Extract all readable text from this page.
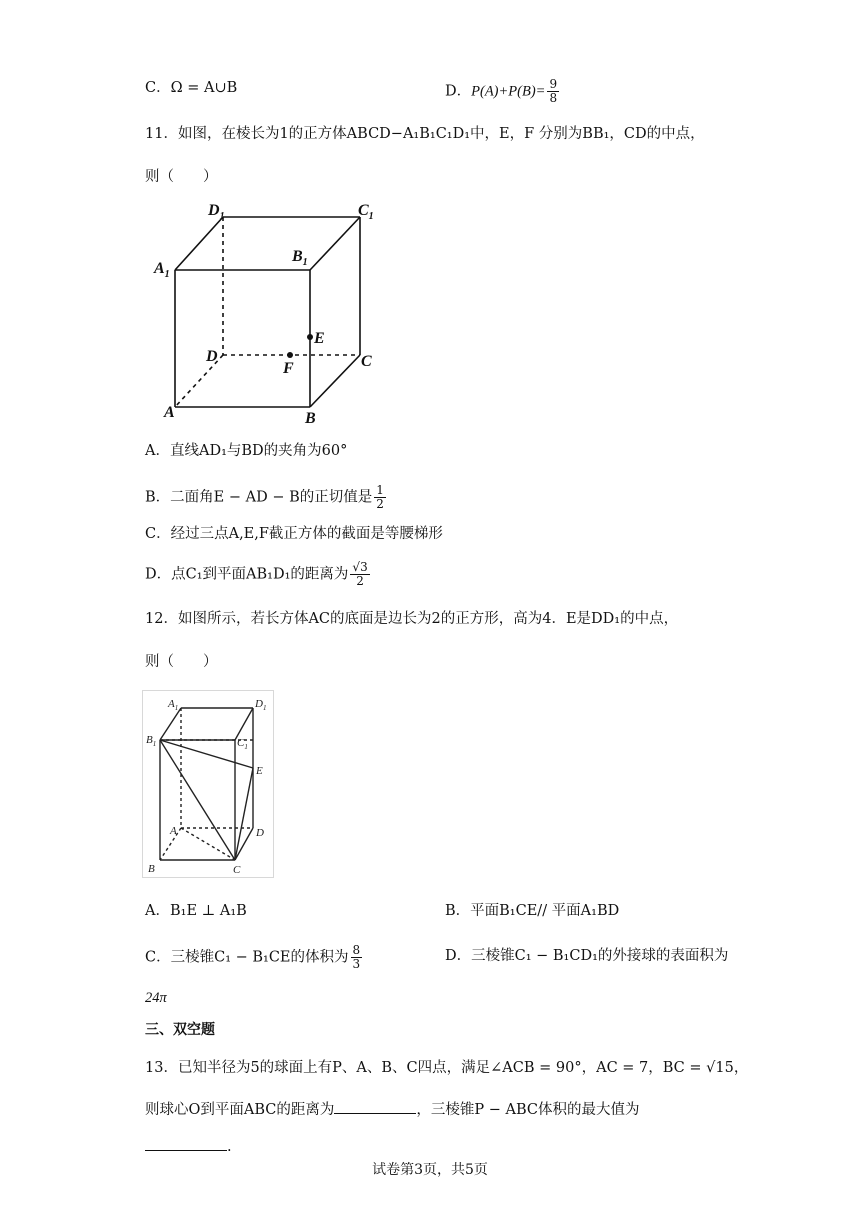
C．Ω = A∪B	D．$P(A)+P(B)= \frac{9}{8}$
11．如图，在棱长为1的正方体ABCD−A₁B₁C₁D₁中，E，F 分别为BB₁，CD的中点，
则（　　）
$D_1$	$C_1$
$A_1$
$B_1$
E
D	C
F
A	B
A．直线AD₁与BD的夹角为60°
B．二面角E − AD − B的正切值是 $\frac{1}{2}$
C．经过三点A,E,F截正方体的截面是等腰梯形
D．点C₁到平面AB₁D₁的距离为 $\frac{√3}{2}$
12．如图所示，若长方体AC的底面是边长为2的正方形，高为4．E是DD₁的中点，
则（　　）
$A_1$	$D_1$
$B_1$	$C_1$
E
A	D
B	C
A．B₁E ⊥ A₁B	B．平面B₁CE// 平面A₁BD
C．三棱锥C₁ − B₁CE的体积为 $\frac{8}{3}$	D．三棱锥C₁ − B₁CD₁的外接球的表面积为
24π
三、双空题
13．已知半径为5的球面上有P、A、B、C四点，满足∠ACB = 90°，AC = 7，BC = √15，
则球心O到平面ABC的距离为	，三棱锥P − ABC体积的最大值为
.
试卷第3页，共5页
